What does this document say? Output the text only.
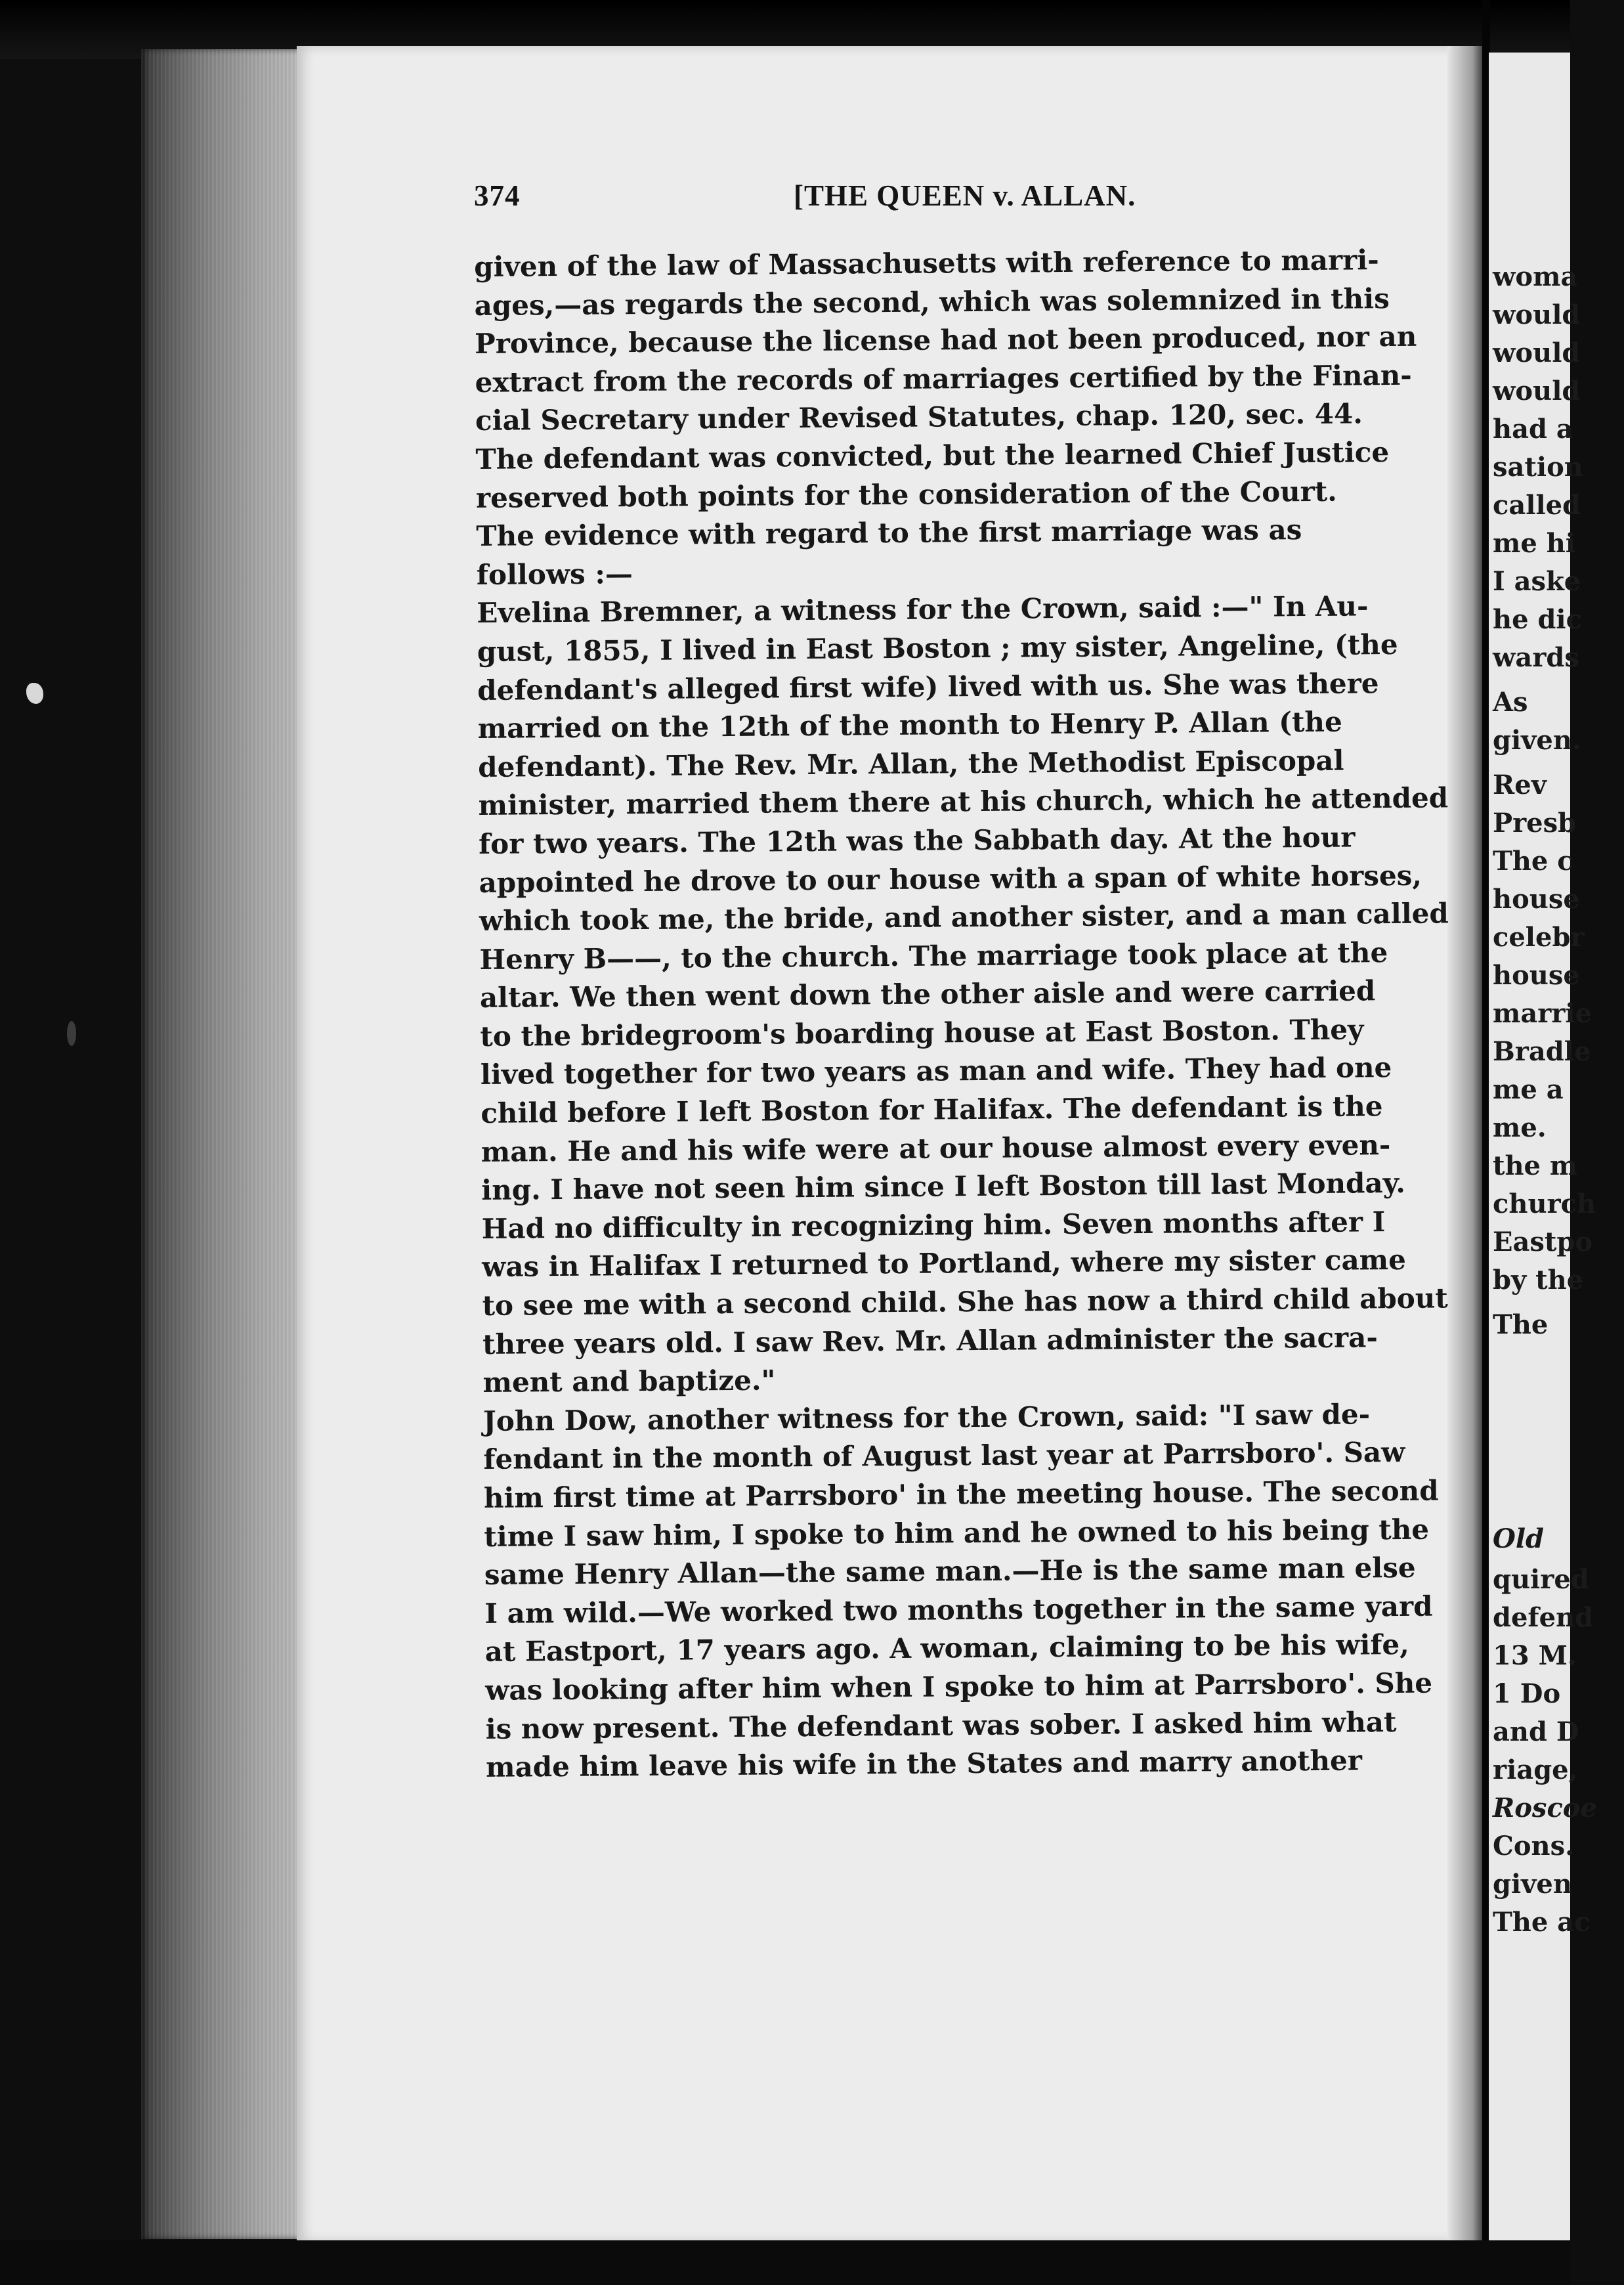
woma
would
would
would
had a
sation
called
me hi
I aske
he dic
wards
As
given.
Rev
Presb
The c
house
celebr
house
marrie
Bradle
me a
me.
the m
church
Eastpo
by the
The
Old
quired
defend
13 M.
1 Do
and D
riage,
Roscoe
Cons.
given
The ac
374	[THE QUEEN v. ALLAN.
given of the law of Massachusetts with reference to marri-
ages,—as regards the second, which was solemnized in this
Province, because the license had not been produced, nor an
extract from the records of marriages certified by the Finan-
cial Secretary under Revised Statutes, chap. 120, sec. 44.
The defendant was convicted, but the learned Chief Justice
reserved both points for the consideration of the Court.
The evidence with regard to the first marriage was as
follows :—
Evelina Bremner, a witness for the Crown, said :—" In Au-
gust, 1855, I lived in East Boston ; my sister, Angeline, (the
defendant's alleged first wife) lived with us. She was there
married on the 12th of the month to Henry P. Allan (the
defendant). The Rev. Mr. Allan, the Methodist Episcopal
minister, married them there at his church, which he attended
for two years. The 12th was the Sabbath day. At the hour
appointed he drove to our house with a span of white horses,
which took me, the bride, and another sister, and a man called
Henry B——, to the church. The marriage took place at the
altar. We then went down the other aisle and were carried
to the bridegroom's boarding house at East Boston. They
lived together for two years as man and wife. They had one
child before I left Boston for Halifax. The defendant is the
man. He and his wife were at our house almost every even-
ing. I have not seen him since I left Boston till last Monday.
Had no difficulty in recognizing him. Seven months after I
was in Halifax I returned to Portland, where my sister came
to see me with a second child. She has now a third child about
three years old. I saw Rev. Mr. Allan administer the sacra-
ment and baptize."
John Dow, another witness for the Crown, said: "I saw de-
fendant in the month of August last year at Parrsboro'. Saw
him first time at Parrsboro' in the meeting house. The second
time I saw him, I spoke to him and he owned to his being the
same Henry Allan—the same man.—He is the same man else
I am wild.—We worked two months together in the same yard
at Eastport, 17 years ago. A woman, claiming to be his wife,
was looking after him when I spoke to him at Parrsboro'. She
is now present. The defendant was sober. I asked him what
made him leave his wife in the States and marry another
